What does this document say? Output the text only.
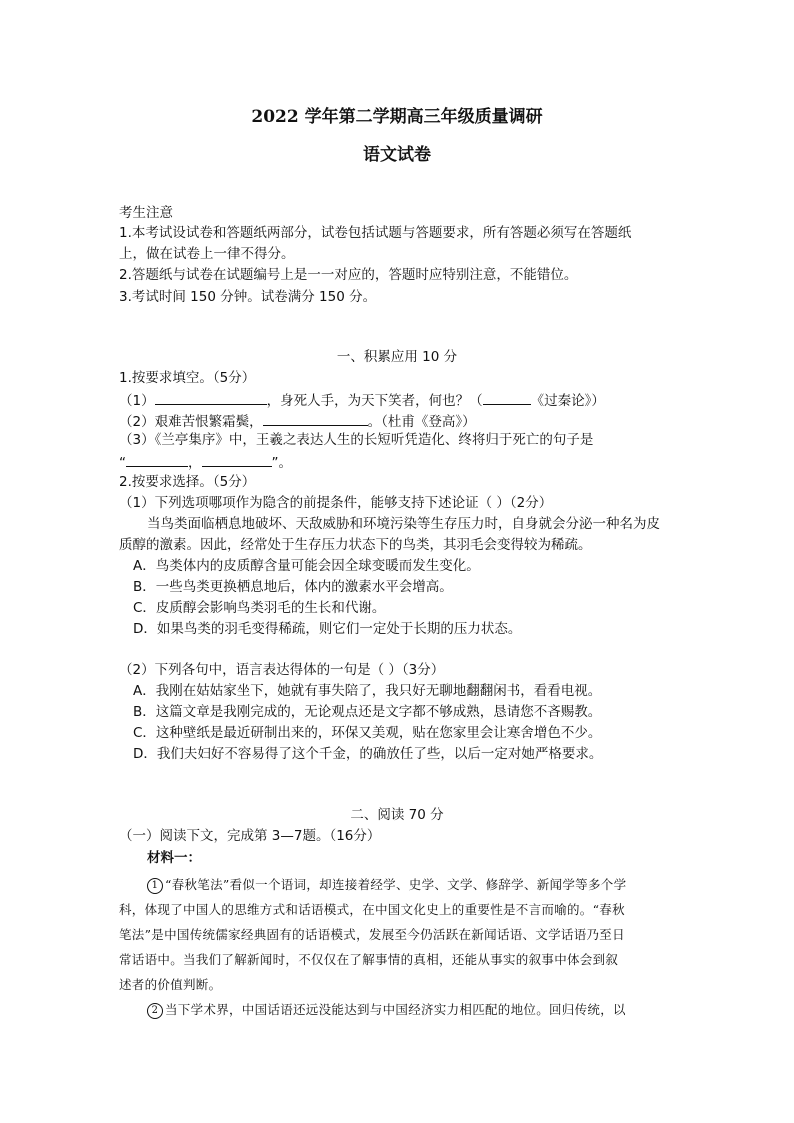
2022 学年第二学期高三年级质量调研
语文试卷
考生注意
1.本考试设试卷和答题纸两部分，试卷包括试题与答题要求，所有答题必须写在答题纸
上，做在试卷上一律不得分。
2.答题纸与试卷在试题编号上是一一对应的，答题时应特别注意，不能错位。
3.考试时间 150 分钟。试卷满分 150 分。
一、积累应用 10 分
1.按要求填空。（5分）
（1）	，身死人手，为天下笑者，何也？（	《过秦论》）
（2）艰难苦恨繁霜鬓，	。（杜甫《登高》）
（3）《兰亭集序》中，王羲之表达人生的长短听凭造化、终将归于死亡的句子是
“	，	”。
2.按要求选择。（5分）
（1）下列选项哪项作为隐含的前提条件，能够支持下述论证（ ）（2分）
当鸟类面临栖息地破坏、天敌威胁和环境污染等生存压力时，自身就会分泌一种名为皮
质醇的激素。因此，经常处于生存压力状态下的鸟类，其羽毛会变得较为稀疏。
A．鸟类体内的皮质醇含量可能会因全球变暖而发生变化。
B．一些鸟类更换栖息地后，体内的激素水平会增高。
C．皮质醇会影响鸟类羽毛的生长和代谢。
D．如果鸟类的羽毛变得稀疏，则它们一定处于长期的压力状态。
（2）下列各句中，语言表达得体的一句是（ ）（3分）
A．我刚在姑姑家坐下，她就有事失陪了，我只好无聊地翻翻闲书，看看电视。
B．这篇文章是我刚完成的，无论观点还是文字都不够成熟，恳请您不吝赐教。
C．这种壁纸是最近研制出来的，环保又美观，贴在您家里会让寒舍增色不少。
D．我们夫妇好不容易得了这个千金，的确放任了些，以后一定对她严格要求。
二、阅读 70 分
（一）阅读下文，完成第 3—7题。（16分）
材料一：
1 “春秋笔法”看似一个语词，却连接着经学、史学、文学、修辞学、新闻学等多个学
科，体现了中国人的思维方式和话语模式，在中国文化史上的重要性是不言而喻的。“春秋
笔法”是中国传统儒家经典固有的话语模式，发展至今仍活跃在新闻话语、文学话语乃至日
常话语中。当我们了解新闻时，不仅仅在了解事情的真相，还能从事实的叙事中体会到叙
述者的价值判断。
2 当下学术界，中国话语还远没能达到与中国经济实力相匹配的地位。回归传统，以
